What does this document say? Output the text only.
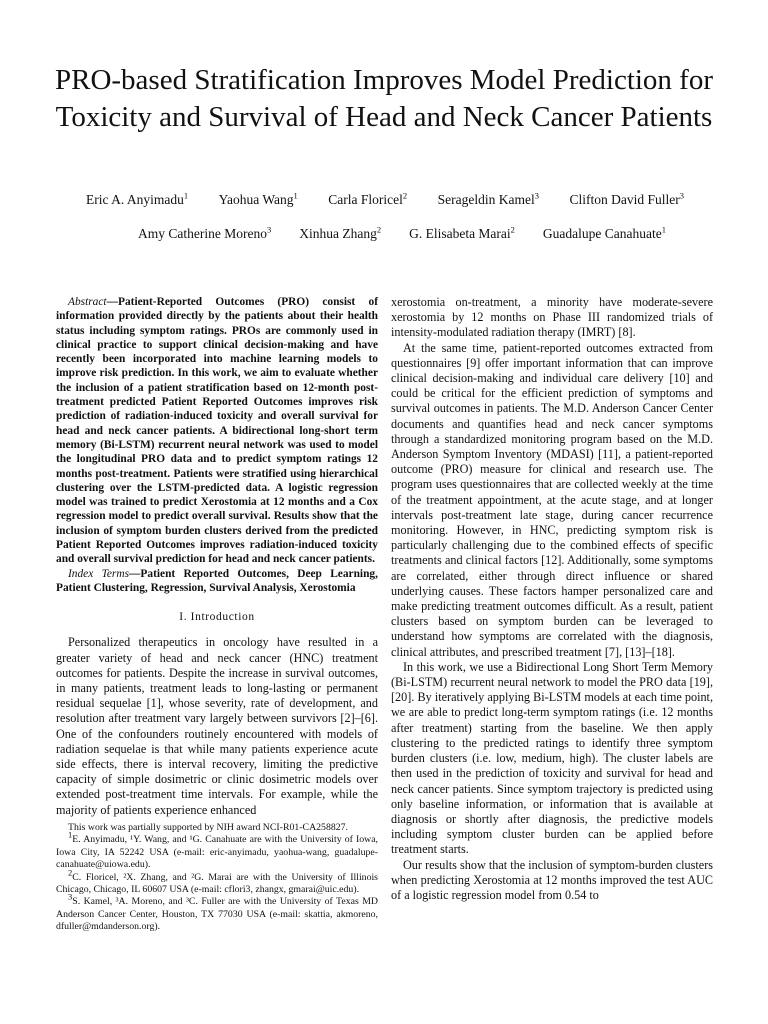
PRO-based Stratification Improves Model Prediction for Toxicity and Survival of Head and Neck Cancer Patients
Eric A. Anyimadu$^1$ Yaohua Wang$^1$ Carla Floricel$^2$ Serageldin Kamel$^3$ Clifton David Fuller$^3$
Amy Catherine Moreno$^3$ Xinhua Zhang$^2$ G. Elisabeta Marai$^2$ Guadalupe Canahuate$^1$

Abstract—Patient-Reported Outcomes (PRO) consist of information provided directly by the patients about their health status including symptom ratings. PROs are commonly used in clinical practice to support clinical decision-making and have recently been incorporated into machine learning models to improve risk prediction. In this work, we aim to evaluate whether the inclusion of a patient stratification based on 12-month post-treatment predicted Patient Reported Outcomes improves risk prediction of radiation-induced toxicity and overall survival for head and neck cancer patients. A bidirectional long-short term memory (Bi-LSTM) recurrent neural network was used to model the longitudinal PRO data and to predict symptom ratings 12 months post-treatment. Patients were stratified using hierarchical clustering over the LSTM-predicted data. A logistic regression model was trained to predict Xerostomia at 12 months and a Cox regression model to predict overall survival. Results show that the inclusion of symptom burden clusters derived from the predicted Patient Reported Outcomes improves radiation-induced toxicity and overall survival prediction for head and neck cancer patients.

Index Terms—Patient Reported Outcomes, Deep Learning, Patient Clustering, Regression, Survival Analysis, Xerostomia

I. Introduction

Personalized therapeutics in oncology have resulted in a greater variety of head and neck cancer (HNC) treatment outcomes for patients. Despite the increase in survival outcomes, in many patients, treatment leads to long-lasting or permanent residual sequelae [1], whose severity, rate of development, and resolution after treatment vary largely between survivors [2]–[6]. One of the confounders routinely encountered with models of radiation sequelae is that while many patients experience acute side effects, there is interval recovery, limiting the predictive capacity of simple dosimetric or clinic dosimetric models over extended post-treatment time intervals. For example, while the majority of patients experience enhanced

This work was partially supported by NIH award NCI-R01-CA258827.

$^1$E. Anyimadu, ¹Y. Wang, and ¹G. Canahuate are with the University of Iowa, Iowa City, IA 52242 USA (e-mail: eric-anyimadu, yaohua-wang, guadalupe-canahuate@uiowa.edu).

$^2$C. Floricel, ²X. Zhang, and ²G. Marai are with the University of Illinois Chicago, Chicago, IL 60607 USA (e-mail: cflori3, zhangx, gmarai@uic.edu).

$^3$S. Kamel, ³A. Moreno, and ³C. Fuller are with the University of Texas MD Anderson Cancer Center, Houston, TX 77030 USA (e-mail: skattia, akmoreno, dfuller@mdanderson.org).

xerostomia on-treatment, a minority have moderate-severe xerostomia by 12 months on Phase III randomized trials of intensity-modulated radiation therapy (IMRT) [8].

At the same time, patient-reported outcomes extracted from questionnaires [9] offer important information that can improve clinical decision-making and individual care delivery [10] and could be critical for the efficient prediction of symptoms and survival outcomes in patients. The M.D. Anderson Cancer Center documents and quantifies head and neck cancer symptoms through a standardized monitoring program based on the M.D. Anderson Symptom Inventory (MDASI) [11], a patient-reported outcome (PRO) measure for clinical and research use. The program uses questionnaires that are collected weekly at the time of the treatment appointment, at the acute stage, and at longer intervals post-treatment late stage, during cancer recurrence monitoring. However, in HNC, predicting symptom risk is particularly challenging due to the combined effects of specific treatments and clinical factors [12]. Additionally, some symptoms are correlated, either through direct influence or shared underlying causes. These factors hamper personalized care and make predicting treatment outcomes difficult. As a result, patient clusters based on symptom burden can be leveraged to understand how symptoms are correlated with the diagnosis, clinical attributes, and prescribed treatment [7], [13]–[18].

In this work, we use a Bidirectional Long Short Term Memory (Bi-LSTM) recurrent neural network to model the PRO data [19], [20]. By iteratively applying Bi-LSTM models at each time point, we are able to predict long-term symptom ratings (i.e. 12 months after treatment) starting from the baseline. We then apply clustering to the predicted ratings to identify three symptom burden clusters (i.e. low, medium, high). The cluster labels are then used in the prediction of toxicity and survival for head and neck cancer patients. Since symptom trajectory is predicted using only baseline information, or information that is available at diagnosis or shortly after diagnosis, the predictive models including symptom cluster burden can be applied before treatment starts.

Our results show that the inclusion of symptom-burden clusters when predicting Xerostomia at 12 months improved the test AUC of a logistic regression model from 0.54 to
